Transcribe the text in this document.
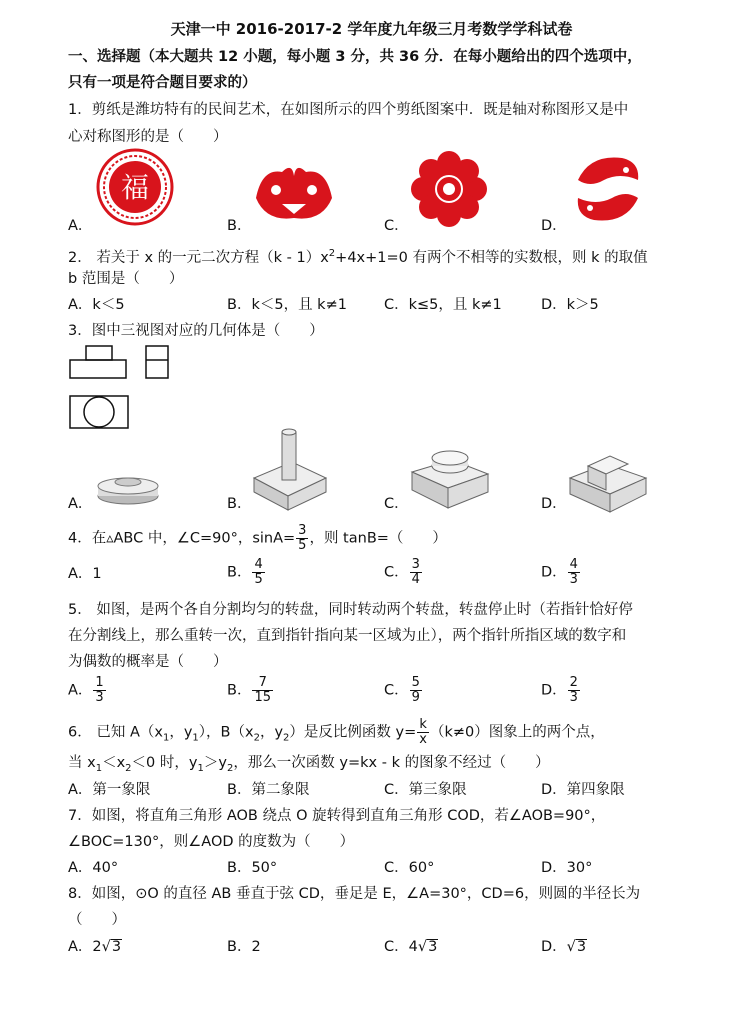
天津一中 2016-2017-2 学年度九年级三月考数学学科试卷
一、选择题（本大题共 12 小题，每小题 3 分，共 36 分．在每小题给出的四个选项中，
只有一项是符合题目要求的）
1．剪纸是潍坊特有的民间艺术，在如图所示的四个剪纸图案中．既是轴对称图形又是中
心对称图形的是（　　）
福
A．	B．	C．	D．
2． 若关于 x 的一元二次方程$(k - 1)x^2+4x+1=0$ 有两个不相等的实数根，则 k 的取值
b 范围是（　　）
A．k＜5	B．k＜5，且 k≠1	C．k≤5，且 k≠1	D．k＞5
3．图中三视图对应的几何体是（　　）
A．	B．	C．	D．
4．在▵ABC 中，∠C=90°，$\sin A= \frac{3}{5}$ ，则 tanB=（　　）
A．1	B． $\frac{4}{5}$	C． $\frac{3}{4}$	D． $\frac{4}{3}$
5． 如图，是两个各自分割均匀的转盘，同时转动两个转盘，转盘停止时（若指针恰好停
在分割线上，那么重转一次，直到指针指向某一区域为止），两个指针所指区域的数字和
为偶数的概率是（　　）
A． $\frac{1}{3}$	B． $\frac{7}{15}$	C． $\frac{5}{9}$	D． $\frac{2}{3}$
6． 已知 $A(x_1$，$y_1$），$B(x_2$，$y_2$）是反比例函数 $y= \frac{k}{x} (k\ne 0)$图象上的两个点，
当 $x_1<x_2<0$ 时，$y_1>y_2$，那么一次函数 y=kx - k 的图象不经过（　　）
A．第一象限	B．第二象限	C．第三象限	D．第四象限
7．如图，将直角三角形 AOB 绕点 O 旋转得到直角三角形 COD，若∠AOB=90°，
∠BOC=130°，则∠AOD 的度数为（　　）
A．40°	B．50°	C．60°	D．30°
8．如图，⊙O 的直径 AB 垂直于弦 CD，垂足是 E，∠A=30°，CD=6，则圆的半径长为
（　　）
A．2√3	B．2	C．4√3	D．√3
